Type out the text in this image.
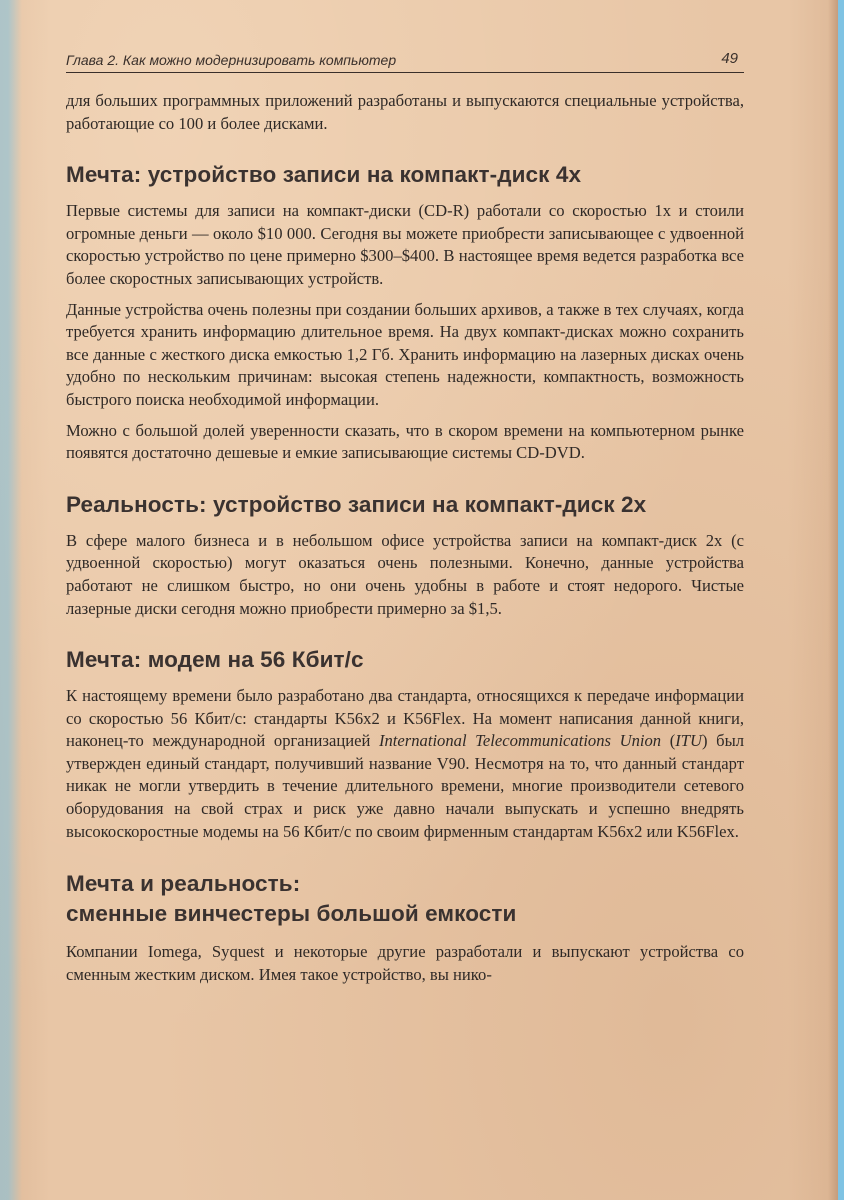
Глава 2. Как можно модернизировать компьютер	49

для больших программных приложений разработаны и выпускаются специальные устройства, работающие со 100 и более дисками.

Мечта: устройство записи на компакт-диск 4х

Первые системы для записи на компакт-диски (CD-R) работали со скоростью 1х и стоили огромные деньги — около $10 000. Сегодня вы можете приобрести записывающее с удвоенной скоростью устройство по цене примерно $300–$400. В настоящее время ведется разработка все более скоростных записывающих устройств.

Данные устройства очень полезны при создании больших архивов, а также в тех случаях, когда требуется хранить информацию длительное время. На двух компакт-дисках можно сохранить все данные с жесткого диска емкостью 1,2 Гб. Хранить информацию на лазерных дисках очень удобно по нескольким причинам: высокая степень надежности, компактность, возможность быстрого поиска необходимой информации.

Можно с большой долей уверенности сказать, что в скором времени на компьютерном рынке появятся достаточно дешевые и емкие записывающие системы CD-DVD.

Реальность: устройство записи на компакт-диск 2х

В сфере малого бизнеса и в небольшом офисе устройства записи на компакт-диск 2х (с удвоенной скоростью) могут оказаться очень полезными. Конечно, данные устройства работают не слишком быстро, но они очень удобны в работе и стоят недорого. Чистые лазерные диски сегодня можно приобрести примерно за $1,5.

Мечта: модем на 56 Кбит/с

К настоящему времени было разработано два стандарта, относящихся к передаче информации со скоростью 56 Кбит/с: стандарты K56x2 и K56Flex. На момент написания данной книги, наконец-то международной организацией International Telecommunications Union (ITU) был утвержден единый стандарт, получивший название V90. Несмотря на то, что данный стандарт никак не могли утвердить в течение длительного времени, многие производители сетевого оборудования на свой страх и риск уже давно начали выпускать и успешно внедрять высокоскоростные модемы на 56 Кбит/с по своим фирменным стандартам K56x2 или K56Flex.

Мечта и реальность:
сменные винчестеры большой емкости

Компании Iomega, Syquest и некоторые другие разработали и выпускают устройства со сменным жестким диском. Имея такое устройство, вы нико-
